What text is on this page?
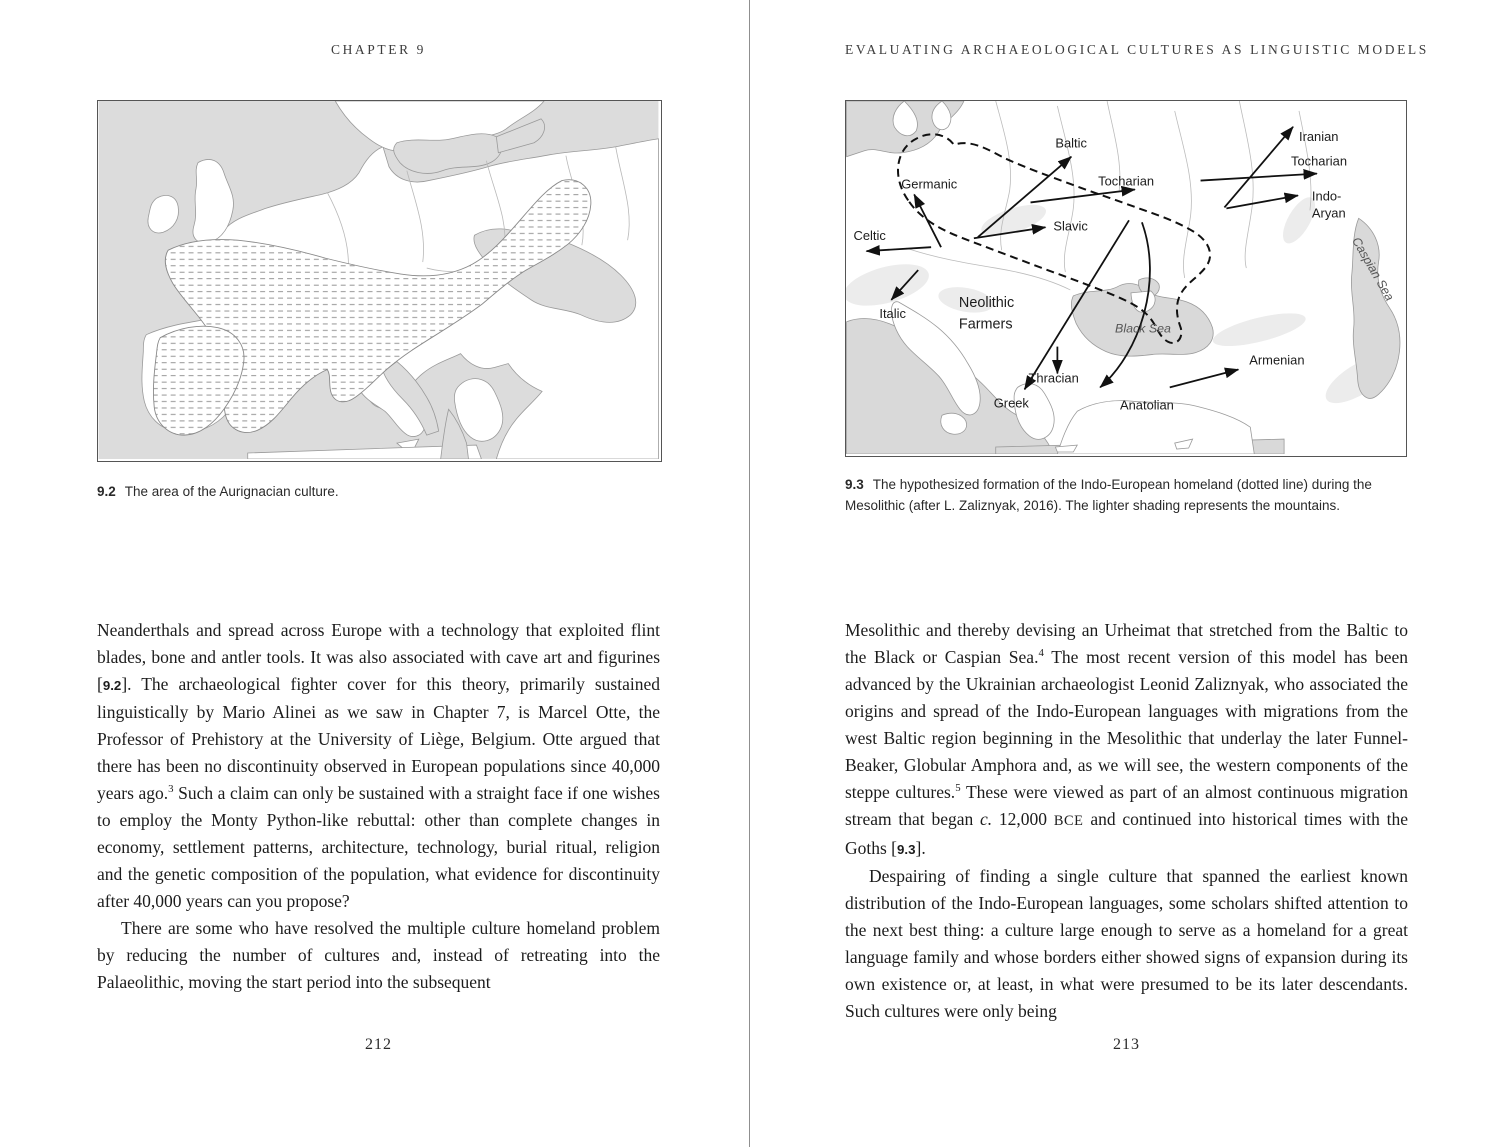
CHAPTER 9
9.2 The area of the Aurignacian culture.

Neanderthals and spread across Europe with a technology that exploited flint blades, bone and antler tools. It was also associated with cave art and figurines [9.2]. The archaeological fighter cover for this theory, primarily sustained linguistically by Mario Alinei as we saw in Chapter 7, is Marcel Otte, the Professor of Prehistory at the University of Liège, Belgium. Otte argued that there has been no discontinuity observed in European populations since 40,000 years ago.$^3$ Such a claim can only be sustained with a straight face if one wishes to employ the Monty Python-like rebuttal: other than complete changes in economy, settlement patterns, architecture, technology, burial ritual, religion and the genetic composition of the population, what evidence for discontinuity after 40,000 years can you propose?

There are some who have resolved the multiple culture homeland problem by reducing the number of cultures and, instead of retreating into the Palaeolithic, moving the start period into the subsequent

212
EVALUATING ARCHAEOLOGICAL CULTURES AS LINGUISTIC MODELS
Germanic
Celtic
Italic
Baltic
Slavic
Tocharian
Iranian
Tocharian
Indo-
Aryan
Neolithic
Farmers	Black Sea
Caspian Sea
Thracian
Greek	Anatolian
Armenian
9.3 The hypothesized formation of the Indo-European homeland (dotted line) during the Mesolithic (after L. Zaliznyak, 2016). The lighter shading represents the mountains.

Mesolithic and thereby devising an Urheimat that stretched from the Baltic to the Black or Caspian Sea.$^4$ The most recent version of this model has been advanced by the Ukrainian archaeologist Leonid Zaliznyak, who associated the origins and spread of the Indo-European languages with migrations from the west Baltic region beginning in the Mesolithic that underlay the later Funnel-Beaker, Globular Amphora and, as we will see, the western components of the steppe cultures.$^5$ These were viewed as part of an almost continuous migration stream that began c. 12,000 BCE and continued into historical times with the Goths [9.3].

Despairing of finding a single culture that spanned the earliest known distribution of the Indo-European languages, some scholars shifted attention to the next best thing: a culture large enough to serve as a homeland for a great language family and whose borders either showed signs of expansion during its own existence or, at least, in what were presumed to be its later descendants. Such cultures were only being

213
